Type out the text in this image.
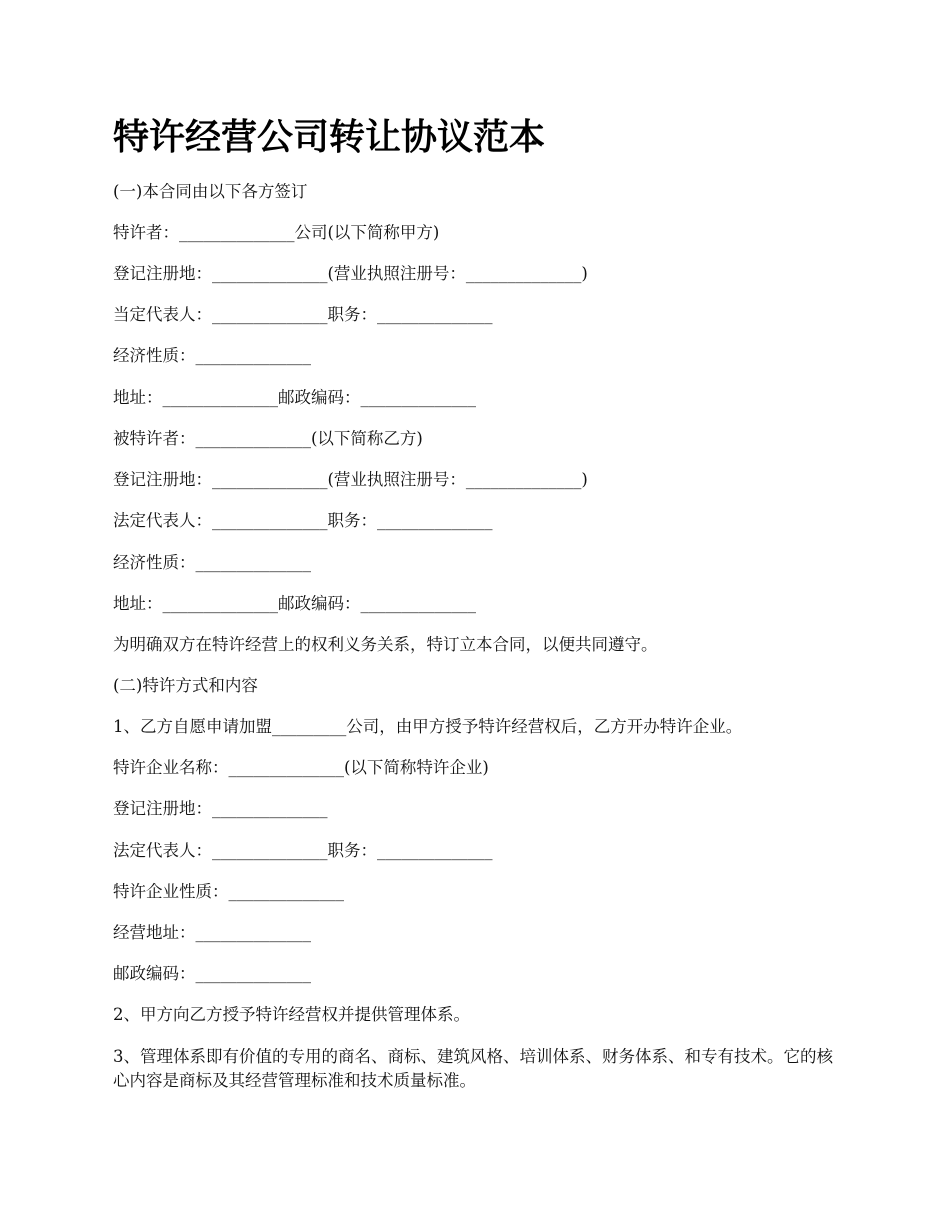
特许经营公司转让协议范本
(一)本合同由以下各方签订
特许者：______________公司(以下简称甲方)
登记注册地：______________(营业执照注册号：______________)
当定代表人：______________职务：______________
经济性质：______________
地址：______________邮政编码：______________
被特许者：______________(以下简称乙方)
登记注册地：______________(营业执照注册号：______________)
法定代表人：______________职务：______________
经济性质：______________
地址：______________邮政编码：______________
为明确双方在特许经营上的权利义务关系，特订立本合同，以便共同遵守。
(二)特许方式和内容
1、乙方自愿申请加盟_________公司，由甲方授予特许经营权后，乙方开办特许企业。
特许企业名称：______________(以下简称特许企业)
登记注册地：______________
法定代表人：______________职务：______________
特许企业性质：______________
经营地址：______________
邮政编码：______________
2、甲方向乙方授予特许经营权并提供管理体系。
3、管理体系即有价值的专用的商名、商标、建筑风格、培训体系、财务体系、和专有技术。它的核心内容是商标及其经营管理标准和技术质量标准。
